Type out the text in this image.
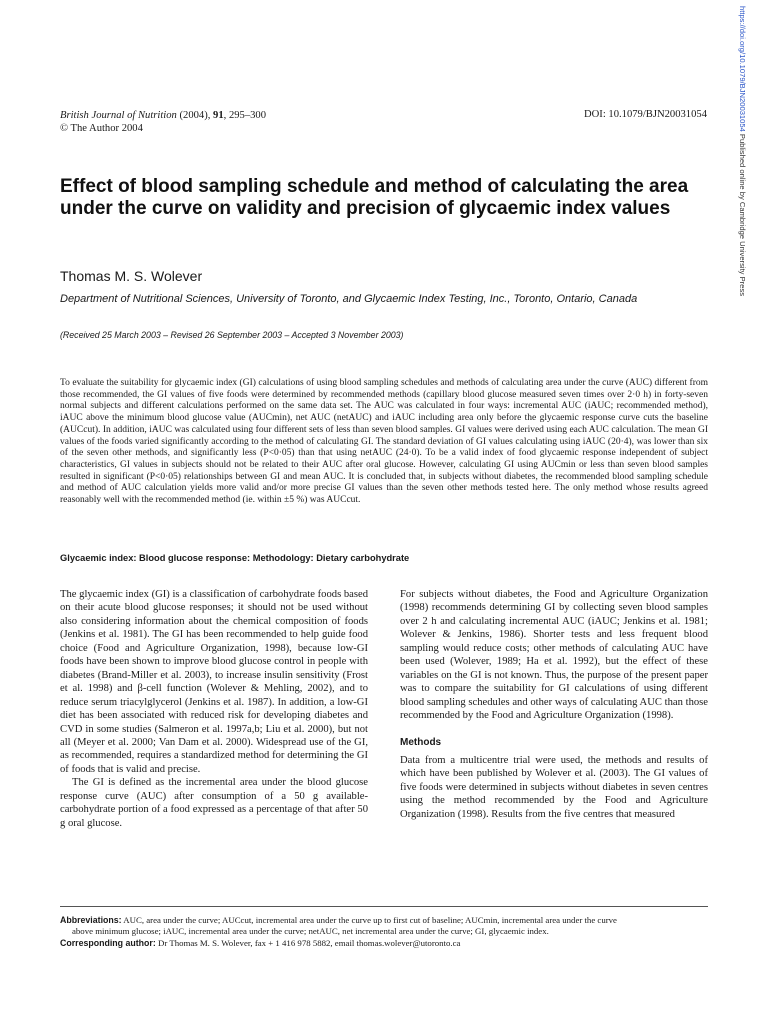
https://doi.org/10.1079/BJN20031054 Published online by Cambridge University Press
British Journal of Nutrition (2004), 91, 295–300
© The Author 2004
DOI: 10.1079/BJN20031054
Effect of blood sampling schedule and method of calculating the area under the curve on validity and precision of glycaemic index values
Thomas M. S. Wolever
Department of Nutritional Sciences, University of Toronto, and Glycaemic Index Testing, Inc., Toronto, Ontario, Canada
(Received 25 March 2003 – Revised 26 September 2003 – Accepted 3 November 2003)
To evaluate the suitability for glycaemic index (GI) calculations of using blood sampling schedules and methods of calculating area under the curve (AUC) different from those recommended, the GI values of five foods were determined by recommended methods (capillary blood glucose measured seven times over 2·0 h) in forty-seven normal subjects and different calculations performed on the same data set. The AUC was calculated in four ways: incremental AUC (iAUC; recommended method), iAUC above the minimum blood glucose value (AUCmin), net AUC (netAUC) and iAUC including area only before the glycaemic response curve cuts the baseline (AUCcut). In addition, iAUC was calculated using four different sets of less than seven blood samples. GI values were derived using each AUC calculation. The mean GI values of the foods varied significantly according to the method of calculating GI. The standard deviation of GI values calculating using iAUC (20·4), was lower than six of the seven other methods, and significantly less (P<0·05) than that using netAUC (24·0). To be a valid index of food glycaemic response independent of subject characteristics, GI values in subjects should not be related to their AUC after oral glucose. However, calculating GI using AUCmin or less than seven blood samples resulted in significant (P<0·05) relationships between GI and mean AUC. It is concluded that, in subjects without diabetes, the recommended blood sampling schedule and method of AUC calculation yields more valid and/or more precise GI values than the seven other methods tested here. The only method whose results agreed reasonably well with the recommended method (ie. within ±5 %) was AUCcut.
Glycaemic index: Blood glucose response: Methodology: Dietary carbohydrate

The glycaemic index (GI) is a classification of carbohydrate foods based on their acute blood glucose responses; it should not be used without also considering information about the chemical composition of foods (Jenkins et al. 1981). The GI has been recommended to help guide food choice (Food and Agriculture Organization, 1998), because low-GI foods have been shown to improve blood glucose control in people with diabetes (Brand-Miller et al. 2003), to increase insulin sensitivity (Frost et al. 1998) and β-cell function (Wolever & Mehling, 2002), and to reduce serum triacylglycerol (Jenkins et al. 1987). In addition, a low-GI diet has been associated with reduced risk for developing diabetes and CVD in some studies (Salmeron et al. 1997a,b; Liu et al. 2000), but not all (Meyer et al. 2000; Van Dam et al. 2000). Widespread use of the GI, as recommended, requires a standardized method for determining the GI of foods that is valid and precise.

The GI is defined as the incremental area under the blood glucose response curve (AUC) after consumption of a 50 g available-carbohydrate portion of a food expressed as a percentage of that after 50 g oral glucose.

For subjects without diabetes, the Food and Agriculture Organization (1998) recommends determining GI by collecting seven blood samples over 2 h and calculating incremental AUC (iAUC; Jenkins et al. 1981; Wolever & Jenkins, 1986). Shorter tests and less frequent blood sampling would reduce costs; other methods of calculating AUC have been used (Wolever, 1989; Ha et al. 1992), but the effect of these variables on the GI is not known. Thus, the purpose of the present paper was to compare the suitability for GI calculations of using different blood sampling schedules and other ways of calculating AUC than those recommended by the Food and Agriculture Organization (1998).

Methods

Data from a multicentre trial were used, the methods and results of which have been published by Wolever et al. (2003). The GI values of five foods were determined in subjects without diabetes in seven centres using the method recommended by the Food and Agriculture Organization (1998). Results from the five centres that measured

Abbreviations: AUC, area under the curve; AUCcut, incremental area under the curve up to first cut of baseline; AUCmin, incremental area under the curve
above minimum glucose; iAUC, incremental area under the curve; netAUC, net incremental area under the curve; GI, glycaemic index.
Corresponding author: Dr Thomas M. S. Wolever, fax + 1 416 978 5882, email thomas.wolever@utoronto.ca
